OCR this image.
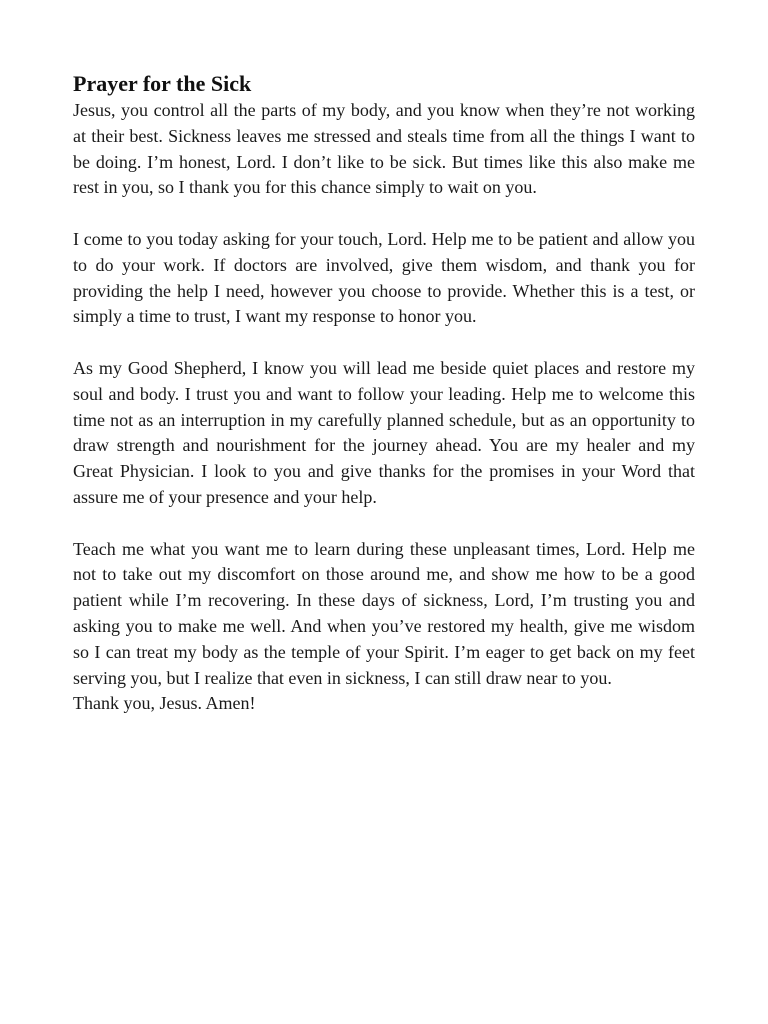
Prayer for the Sick

Jesus, you control all the parts of my body, and you know when they’re not working at their best. Sickness leaves me stressed and steals time from all the things I want to be doing. I’m honest, Lord. I don’t like to be sick. But times like this also make me rest in you, so I thank you for this chance simply to wait on you.

I come to you today asking for your touch, Lord. Help me to be patient and allow you to do your work. If doctors are involved, give them wisdom, and thank you for providing the help I need, however you choose to provide. Whether this is a test, or simply a time to trust, I want my response to honor you.

As my Good Shepherd, I know you will lead me beside quiet places and restore my soul and body. I trust you and want to follow your leading. Help me to welcome this time not as an interruption in my carefully planned schedule, but as an opportunity to draw strength and nourishment for the journey ahead. You are my healer and my Great Physician. I look to you and give thanks for the promises in your Word that assure me of your presence and your help.

Teach me what you want me to learn during these unpleasant times, Lord. Help me not to take out my discomfort on those around me, and show me how to be a good patient while I’m recovering. In these days of sickness, Lord, I’m trusting you and asking you to make me well. And when you’ve restored my health, give me wisdom so I can treat my body as the temple of your Spirit. I’m eager to get back on my feet serving you, but I realize that even in sickness, I can still draw near to you.

Thank you, Jesus. Amen!
